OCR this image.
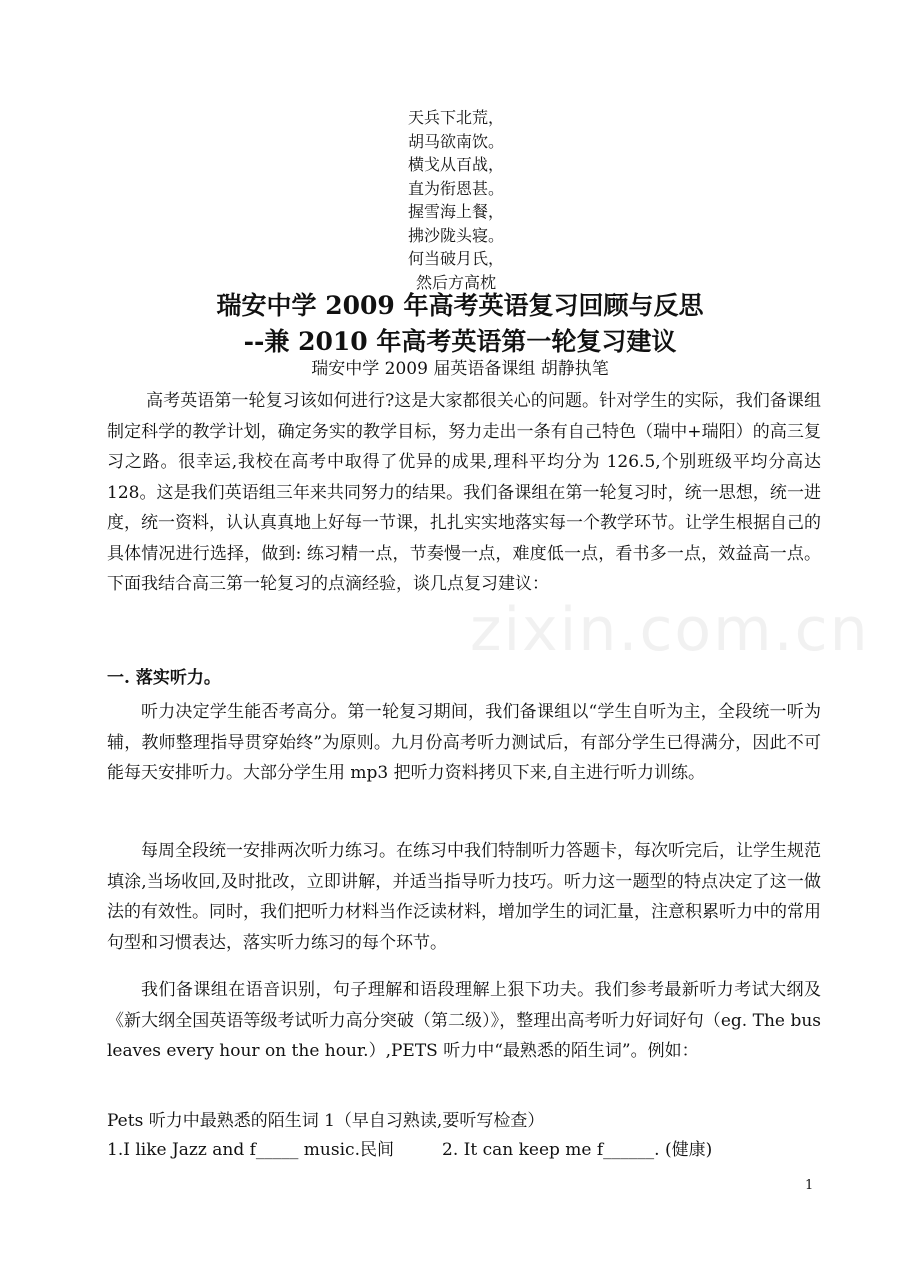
zixin.com.cn
天兵下北荒，
胡马欲南饮。
横戈从百战，
直为衔恩甚。
握雪海上餐，
拂沙陇头寝。
何当破月氏，
然后方高枕
瑞安中学 2009 年高考英语复习回顾与反思
--兼 2010 年高考英语第一轮复习建议
瑞安中学 2009 届英语备课组 胡静执笔

高考英语第一轮复习该如何进行?这是大家都很关心的问题。针对学生的实际，我们备课组制定科学的教学计划，确定务实的教学目标，努力走出一条有自己特色（瑞中+瑞阳）的高三复习之路。很幸运,我校在高考中取得了优异的成果,理科平均分为 126.5,个别班级平均分高达 128。这是我们英语组三年来共同努力的结果。我们备课组在第一轮复习时，统一思想，统一进度，统一资料，认认真真地上好每一节课，扎扎实实地落实每一个教学环节。让学生根据自己的具体情况进行选择，做到: 练习精一点，节奏慢一点，难度低一点，看书多一点，效益高一点。下面我结合高三第一轮复习的点滴经验，谈几点复习建议：

一. 落实听力。

听力决定学生能否考高分。第一轮复习期间，我们备课组以“学生自听为主，全段统一听为辅，教师整理指导贯穿始终”为原则。九月份高考听力测试后，有部分学生已得满分，因此不可能每天安排听力。大部分学生用 mp3 把听力资料拷贝下来,自主进行听力训练。

每周全段统一安排两次听力练习。在练习中我们特制听力答题卡，每次听完后，让学生规范填涂,当场收回,及时批改，立即讲解，并适当指导听力技巧。听力这一题型的特点决定了这一做法的有效性。同时，我们把听力材料当作泛读材料，增加学生的词汇量，注意积累听力中的常用句型和习惯表达，落实听力练习的每个环节。

我们备课组在语音识别，句子理解和语段理解上狠下功夫。我们参考最新听力考试大纲及《新大纲全国英语等级考试听力高分突破（第二级）》，整理出高考听力好词好句（eg. The bus leaves every hour on the hour.）,PETS 听力中“最熟悉的陌生词”。例如：

Pets 听力中最熟悉的陌生词 1（早自习熟读,要听写检查）
1.I like Jazz and f_____ music.民间	2. It can keep me f______. (健康)
1
